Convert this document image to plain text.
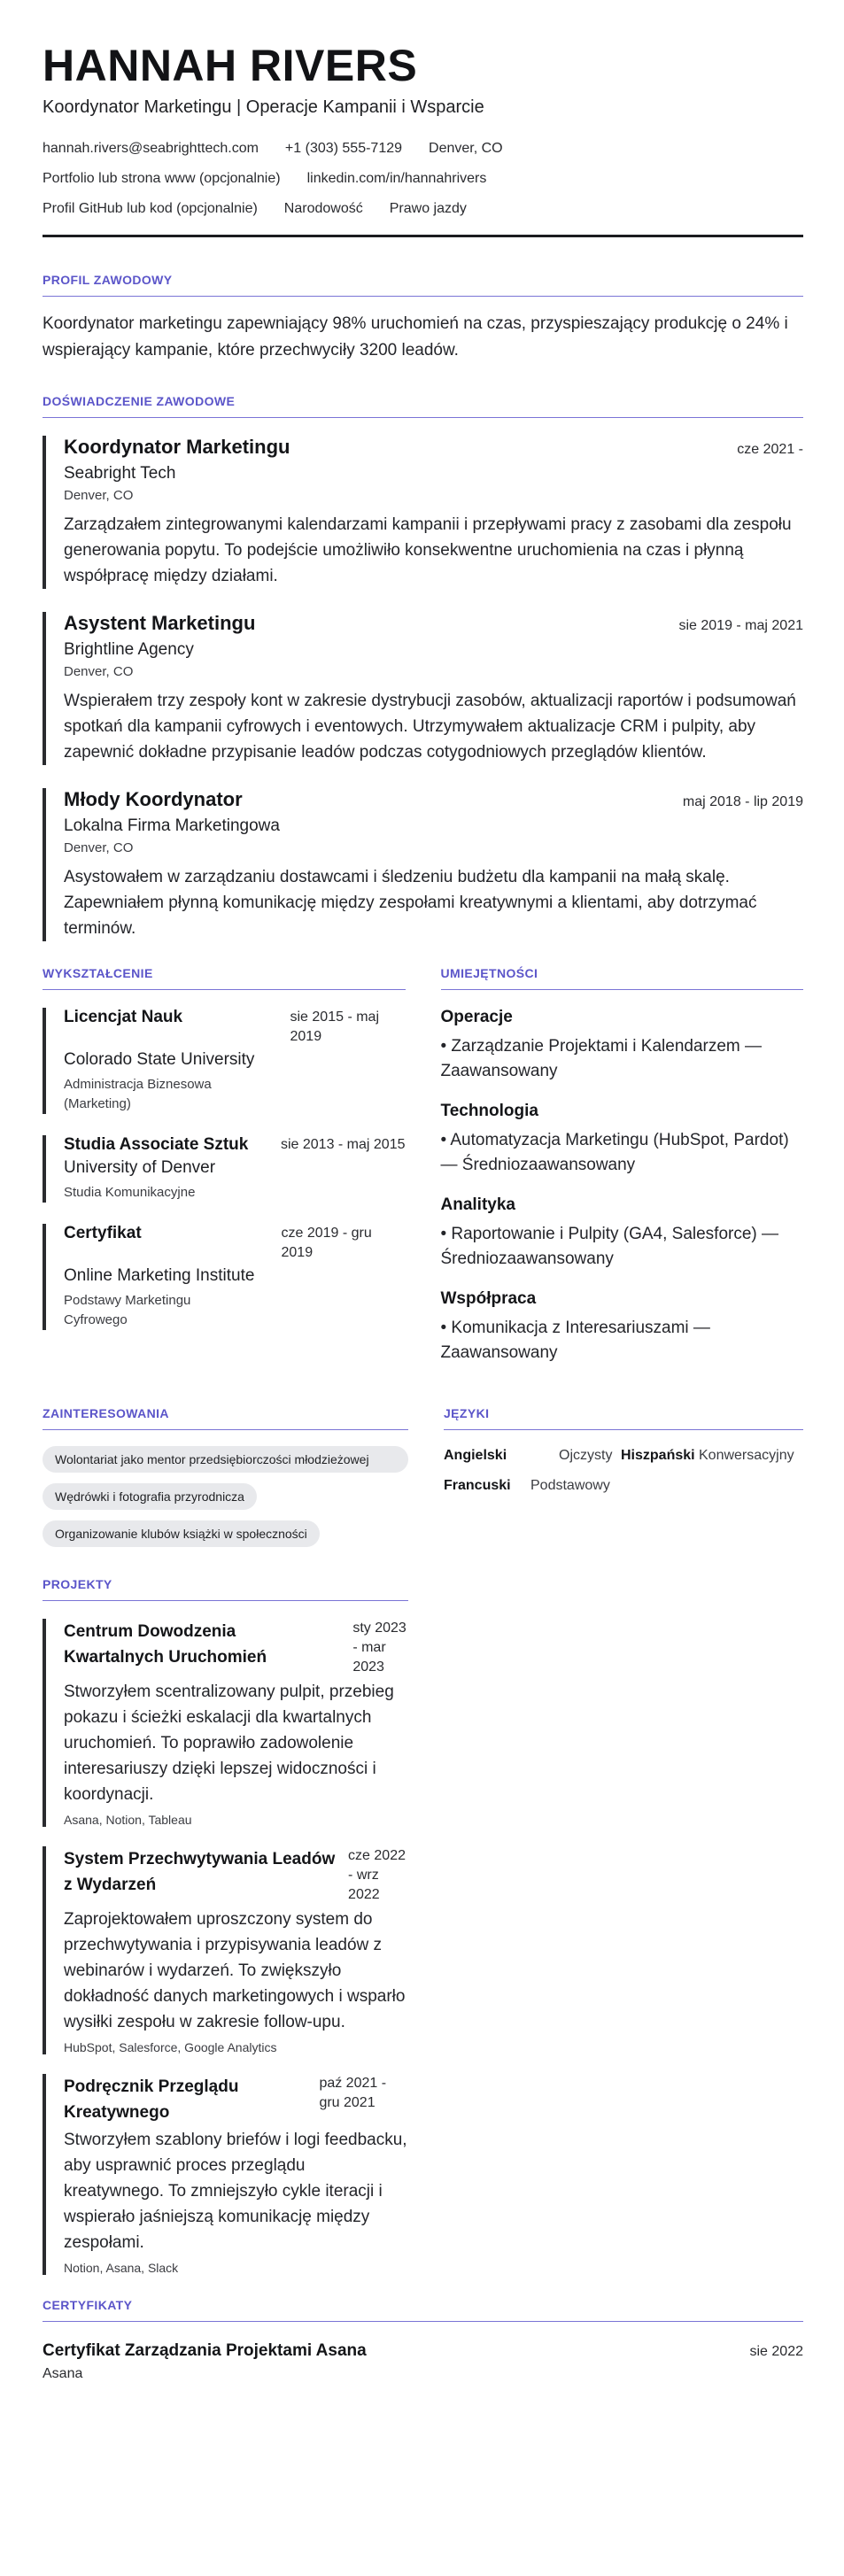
HANNAH RIVERS
Koordynator Marketingu | Operacje Kampanii i Wsparcie
hannah.rivers@seabrighttech.com +1 (303) 555-7129 Denver, CO
Portfolio lub strona www (opcjonalnie) linkedin.com/in/hannahrivers
Profil GitHub lub kod (opcjonalnie) Narodowość Prawo jazdy
PROFIL ZAWODOWY

Koordynator marketingu zapewniający 98% uruchomień na czas, przyspieszający produkcję o 24% i wspierający kampanie, które przechwyciły 3200 leadów.

DOŚWIADCZENIE ZAWODOWE
Koordynator Marketingu	cze 2021 -
Seabright Tech
Denver, CO

Zarządzałem zintegrowanymi kalendarzami kampanii i przepływami pracy z zasobami dla zespołu generowania popytu. To podejście umożliwiło konsekwentne uruchomienia na czas i płynną współpracę między działami.

Asystent Marketingu	sie 2019 - maj 2021
Brightline Agency
Denver, CO

Wspierałem trzy zespoły kont w zakresie dystrybucji zasobów, aktualizacji raportów i podsumowań spotkań dla kampanii cyfrowych i eventowych. Utrzymywałem aktualizacje CRM i pulpity, aby zapewnić dokładne przypisanie leadów podczas cotygodniowych przeglądów klientów.

Młody Koordynator	maj 2018 - lip 2019
Lokalna Firma Marketingowa
Denver, CO

Asystowałem w zarządzaniu dostawcami i śledzeniu budżetu dla kampanii na małą skalę. Zapewniałem płynną komunikację między zespołami kreatywnymi a klientami, aby dotrzymać terminów.

WYKSZTAŁCENIE
Licencjat Nauk	sie 2015 - maj 2019
Colorado State University
Administracja Biznesowa (Marketing)
Studia Associate Sztuk sie 2013 - maj 2015
University of Denver
Studia Komunikacyjne
Certyfikat	cze 2019 - gru 2019
Online Marketing Institute
Podstawy Marketingu Cyfrowego
UMIEJĘTNOŚCI
Operacje
• Zarządzanie Projektami i Kalendarzem — Zaawansowany
Technologia
• Automatyzacja Marketingu (HubSpot, Pardot) — Średniozaawansowany
Analityka
• Raportowanie i Pulpity (GA4, Salesforce) — Średniozaawansowany
Współpraca
• Komunikacja z Interesariuszami — Zaawansowany
ZAINTERESOWANIA
Wolontariat jako mentor przedsiębiorczości młodzieżowej
Wędrówki i fotografia przyrodnicza
Organizowanie klubów książki w społeczności
JĘZYKI
Angielski	Ojczysty Hiszpański Konwersacyjny
Francuski	Podstawowy
PROJEKTY
Centrum Dowodzenia Kwartalnych Uruchomień
sty 2023 - mar 2023

Stworzyłem scentralizowany pulpit, przebieg pokazu i ścieżki eskalacji dla kwartalnych uruchomień. To poprawiło zadowolenie interesariuszy dzięki lepszej widoczności i koordynacji.

Asana, Notion, Tableau
System Przechwytywania Leadów z Wydarzeń
cze 2022 - wrz 2022

Zaprojektowałem uproszczony system do przechwytywania i przypisywania leadów z webinarów i wydarzeń. To zwiększyło dokładność danych marketingowych i wsparło wysiłki zespołu w zakresie follow-upu.

HubSpot, Salesforce, Google Analytics
Podręcznik Przeglądu Kreatywnego
paź 2021 - gru 2021

Stworzyłem szablony briefów i logi feedbacku, aby usprawnić proces przeglądu kreatywnego. To zmniejszyło cykle iteracji i wspierało jaśniejszą komunikację między zespołami.

Notion, Asana, Slack
CERTYFIKATY
Certyfikat Zarządzania Projektami Asana	sie 2022
Asana
